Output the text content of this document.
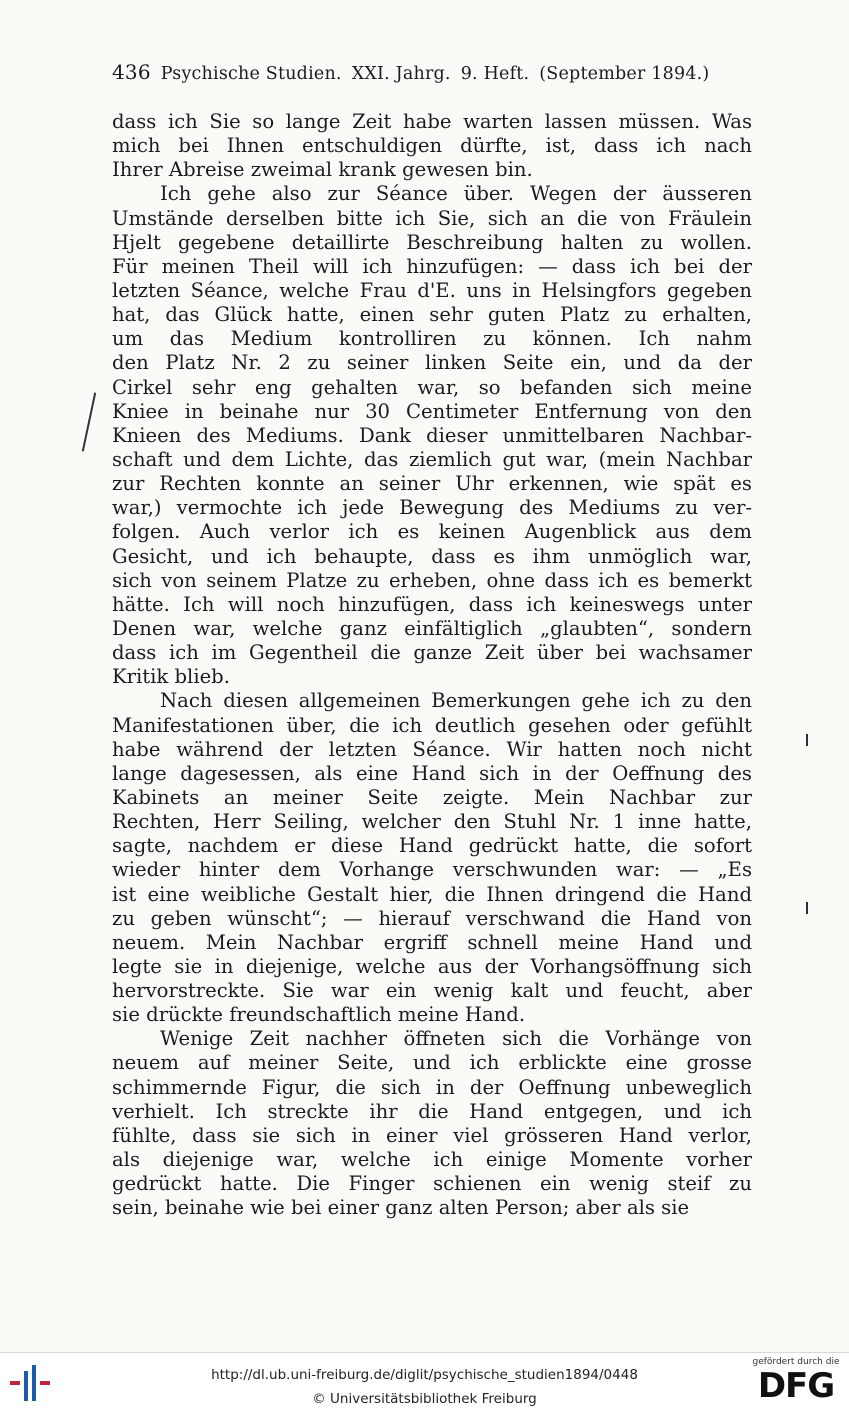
436 Psychische Studien. XXI. Jahrg. 9. Heft. (September 1894.)
dass ich Sie so lange Zeit habe warten lassen müssen. Was
mich bei Ihnen entschuldigen dürfte, ist, dass ich nach
Ihrer Abreise zweimal krank gewesen bin.
Ich gehe also zur Séance über. Wegen der äusseren
Umstände derselben bitte ich Sie, sich an die von Fräulein
Hjelt gegebene detaillirte Beschreibung halten zu wollen.
Für meinen Theil will ich hinzufügen: — dass ich bei der
letzten Séance, welche Frau d'E. uns in Helsingfors gegeben
hat, das Glück hatte, einen sehr guten Platz zu erhalten,
um das Medium kontrolliren zu können. Ich nahm
den Platz Nr. 2 zu seiner linken Seite ein, und da der
Cirkel sehr eng gehalten war, so befanden sich meine
Kniee in beinahe nur 30 Centimeter Entfernung von den
Knieen des Mediums. Dank dieser unmittelbaren Nachbar-
schaft und dem Lichte, das ziemlich gut war, (mein Nachbar
zur Rechten konnte an seiner Uhr erkennen, wie spät es
war,) vermochte ich jede Bewegung des Mediums zu ver-
folgen. Auch verlor ich es keinen Augenblick aus dem
Gesicht, und ich behaupte, dass es ihm unmöglich war,
sich von seinem Platze zu erheben, ohne dass ich es bemerkt
hätte. Ich will noch hinzufügen, dass ich keineswegs unter
Denen war, welche ganz einfältiglich „glaubten“, sondern
dass ich im Gegentheil die ganze Zeit über bei wachsamer
Kritik blieb.
Nach diesen allgemeinen Bemerkungen gehe ich zu den
Manifestationen über, die ich deutlich gesehen oder gefühlt
habe während der letzten Séance. Wir hatten noch nicht
lange dagesessen, als eine Hand sich in der Oeffnung des
Kabinets an meiner Seite zeigte. Mein Nachbar zur
Rechten, Herr Seiling, welcher den Stuhl Nr. 1 inne hatte,
sagte, nachdem er diese Hand gedrückt hatte, die sofort
wieder hinter dem Vorhange verschwunden war: — „Es
ist eine weibliche Gestalt hier, die Ihnen dringend die Hand
zu geben wünscht“; — hierauf verschwand die Hand von
neuem. Mein Nachbar ergriff schnell meine Hand und
legte sie in diejenige, welche aus der Vorhangsöffnung sich
hervorstreckte. Sie war ein wenig kalt und feucht, aber
sie drückte freundschaftlich meine Hand.
Wenige Zeit nachher öffneten sich die Vorhänge von
neuem auf meiner Seite, und ich erblickte eine grosse
schimmernde Figur, die sich in der Oeffnung unbeweglich
verhielt. Ich streckte ihr die Hand entgegen, und ich
fühlte, dass sie sich in einer viel grösseren Hand verlor,
als diejenige war, welche ich einige Momente vorher
gedrückt hatte. Die Finger schienen ein wenig steif zu
sein, beinahe wie bei einer ganz alten Person; aber als sie
http://dl.ub.uni-freiburg.de/diglit/psychische_studien1894/0448
© Universitätsbibliothek Freiburg
gefördert durch die
DFG
